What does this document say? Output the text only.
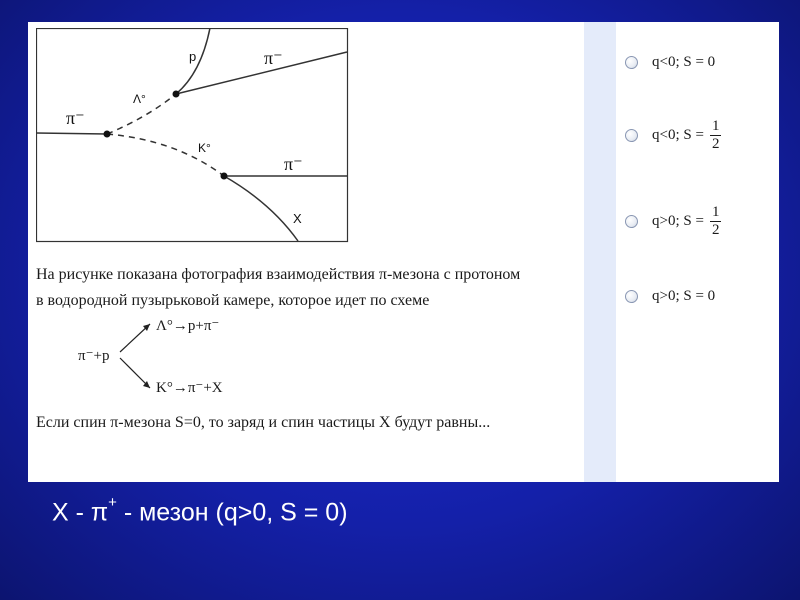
π⁻
Λ°
p	π⁻
K°
π⁻
X
На рисунке показана фотография взаимодействия π-мезона с протоном
в водородной пузырьковой камере, которое идет по схеме
π⁻+p
Λ°→p+π⁻
K°→π⁻+X
Если спин π-мезона S=0, то заряд и спин частицы X будут равны...
q<0; S = 0
q<0; $S = \frac{1}{2}$
q>0; $S = \frac{1}{2}$
q>0; S = 0
X - π+ - мезон (q>0, S = 0)
